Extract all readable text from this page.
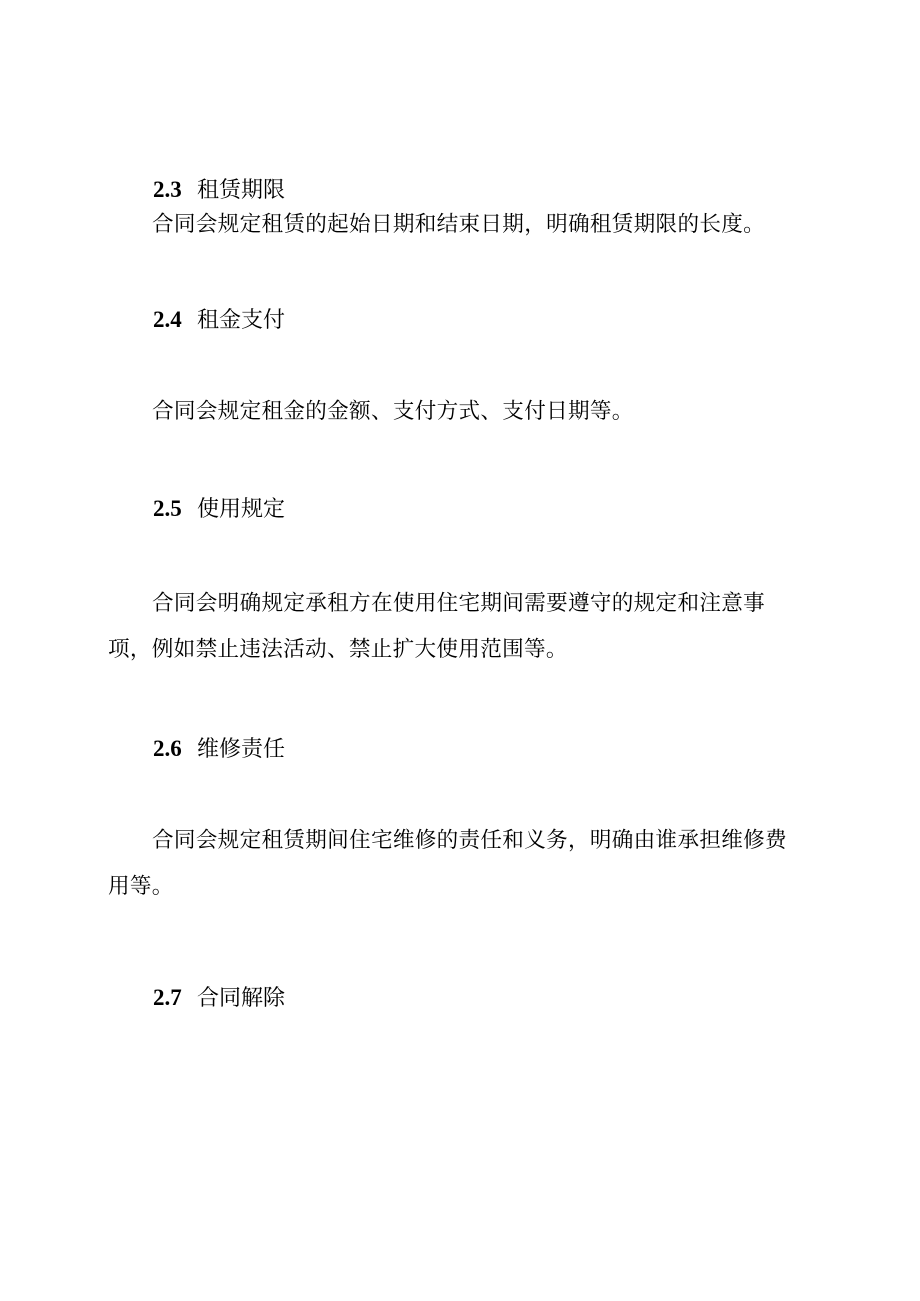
2.3 租赁期限

合同会规定租赁的起始日期和结束日期，明确租赁期限的长度。

2.4 租金支付

合同会规定租金的金额、支付方式、支付日期等。

2.5 使用规定

合同会明确规定承租方在使用住宅期间需要遵守的规定和注意事项，例如禁止违法活动、禁止扩大使用范围等。

2.6 维修责任

合同会规定租赁期间住宅维修的责任和义务，明确由谁承担维修费用等。

2.7 合同解除
